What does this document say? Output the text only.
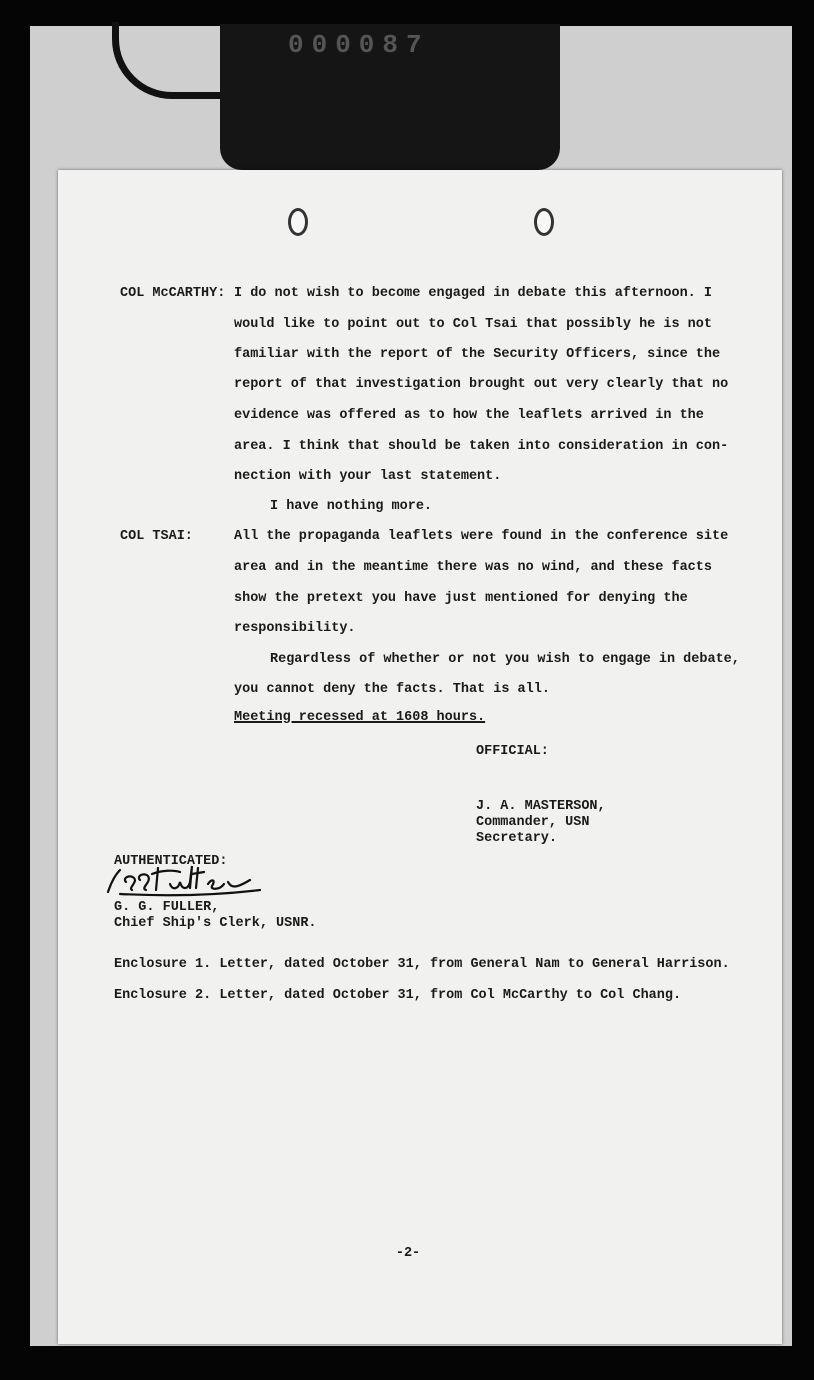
000087
COL McCARTHY: I do not wish to become engaged in debate this afternoon. I
would like to point out to Col Tsai that possibly he is not
familiar with the report of the Security Officers, since the
report of that investigation brought out very clearly that no
evidence was offered as to how the leaflets arrived in the
area. I think that should be taken into consideration in con-
nection with your last statement.
I have nothing more.
COL TSAI:	All the propaganda leaflets were found in the conference site
area and in the meantime there was no wind, and these facts
show the pretext you have just mentioned for denying the
responsibility.
Regardless of whether or not you wish to engage in debate,
you cannot deny the facts. That is all.
Meeting recessed at 1608 hours.
OFFICIAL:
J. A. MASTERSON,
Commander, USN
Secretary.
AUTHENTICATED:
G. G. FULLER,
Chief Ship's Clerk, USNR.
Enclosure 1. Letter, dated October 31, from General Nam to General Harrison.
Enclosure 2. Letter, dated October 31, from Col McCarthy to Col Chang.
-2-
